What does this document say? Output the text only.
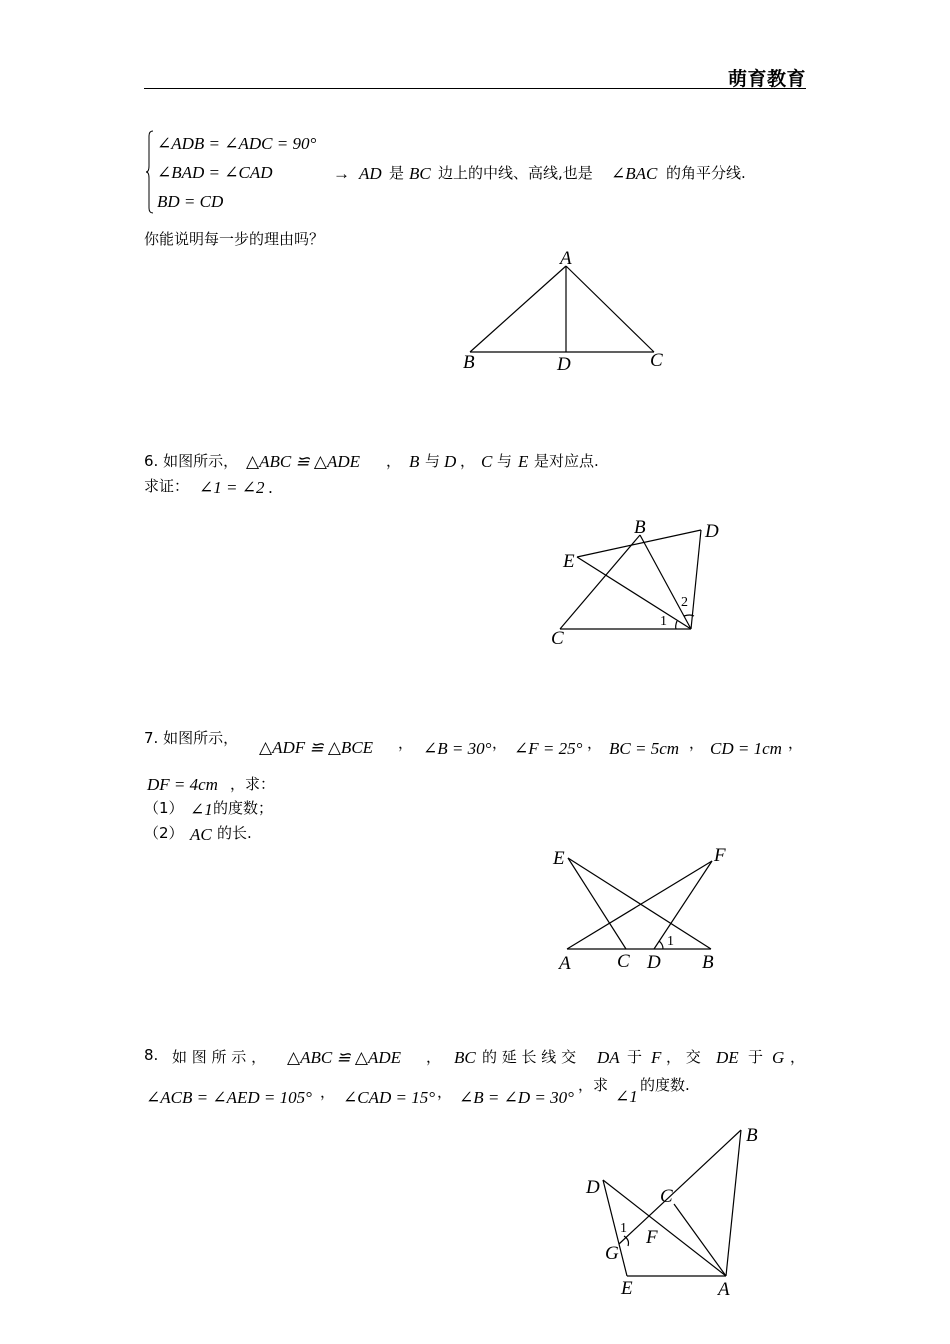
萌育教育
∠ADB = ∠ADC = 90°
∠BAD = ∠CAD
BD = CD
→ AD 是 BC 边上的中线、高线,也是 ∠BAC 的角平分线.
你能说明每一步的理由吗？
A
B	C
D
6. 如图所示， △ABC ≌ △ADE ， B 与 D ， C 与 E 是对应点.
求证： ∠1 = ∠2 .
B	D
E
C
1
2
7. 如图所示， △ADF ≌ △BCE ， ∠B = 30° ， ∠F = 25° ， BC = 5cm ， CD = 1cm ，
DF = 4cm ，求：
（1） ∠1 的度数；
（2） AC 的长.
E	F
A C D B
1
8. 如 图 所 示 ， △ABC ≌ △ADE ， BC 的 延 长 线 交 DA 于 F ， 交 DE 于 G ，
∠ACB = ∠AED = 105° ， ∠CAD = 15° ， ∠B = ∠D = 30°
，求
∠1
的度数.
B
D	C
F
G
E	A
1
